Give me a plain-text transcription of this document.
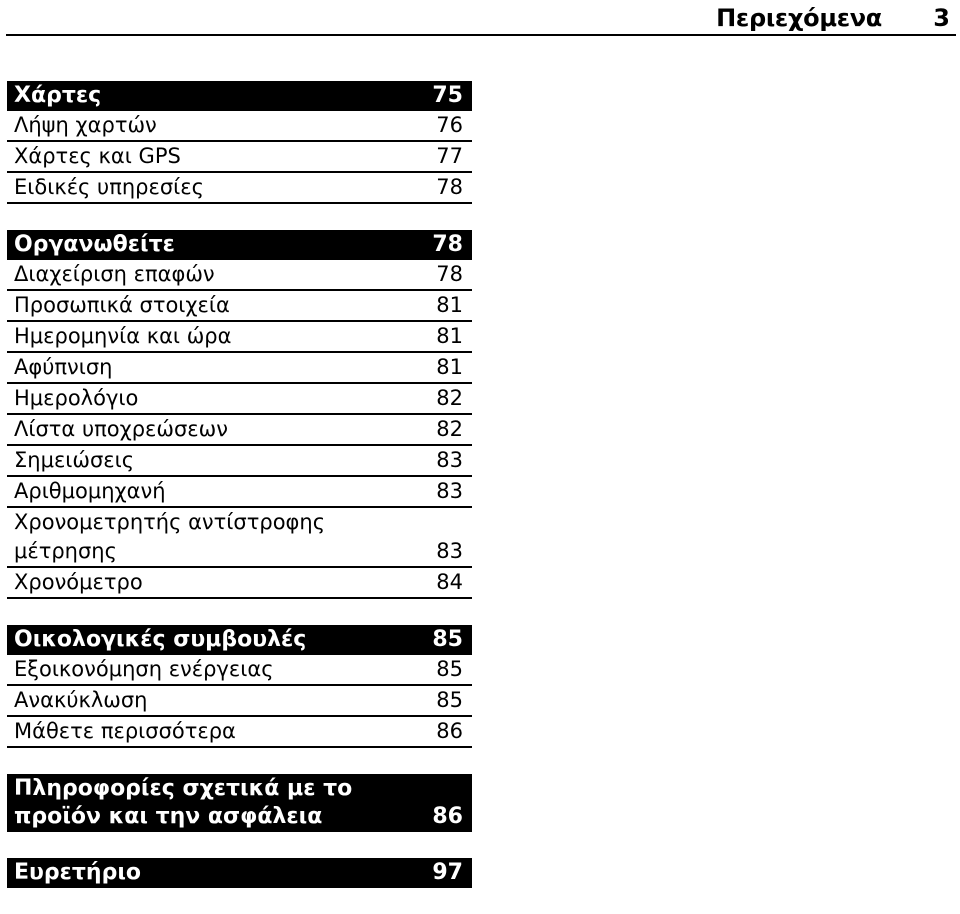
Περιεχόμενα 3
Χάρτες	75
Λήψη χαρτών	76
Χάρτες και GPS	77
Ειδικές υπηρεσίες	78
Οργανωθείτε	78
Διαχείριση επαφών	78
Προσωπικά στοιχεία	81
Ημερομηνία και ώρα	81
Αφύπνιση	81
Ημερολόγιο	82
Λίστα υποχρεώσεων	82
Σημειώσεις	83
Αριθμομηχανή	83
Χρονομετρητής αντίστροφης μέτρησης	83
Χρονόμετρο	84
Οικολογικές συμβουλές	85
Εξοικονόμηση ενέργειας	85
Ανακύκλωση	85
Μάθετε περισσότερα	86
Πληροφορίες σχετικά με το προϊόν και την ασφάλεια	86
Ευρετήριο	97
